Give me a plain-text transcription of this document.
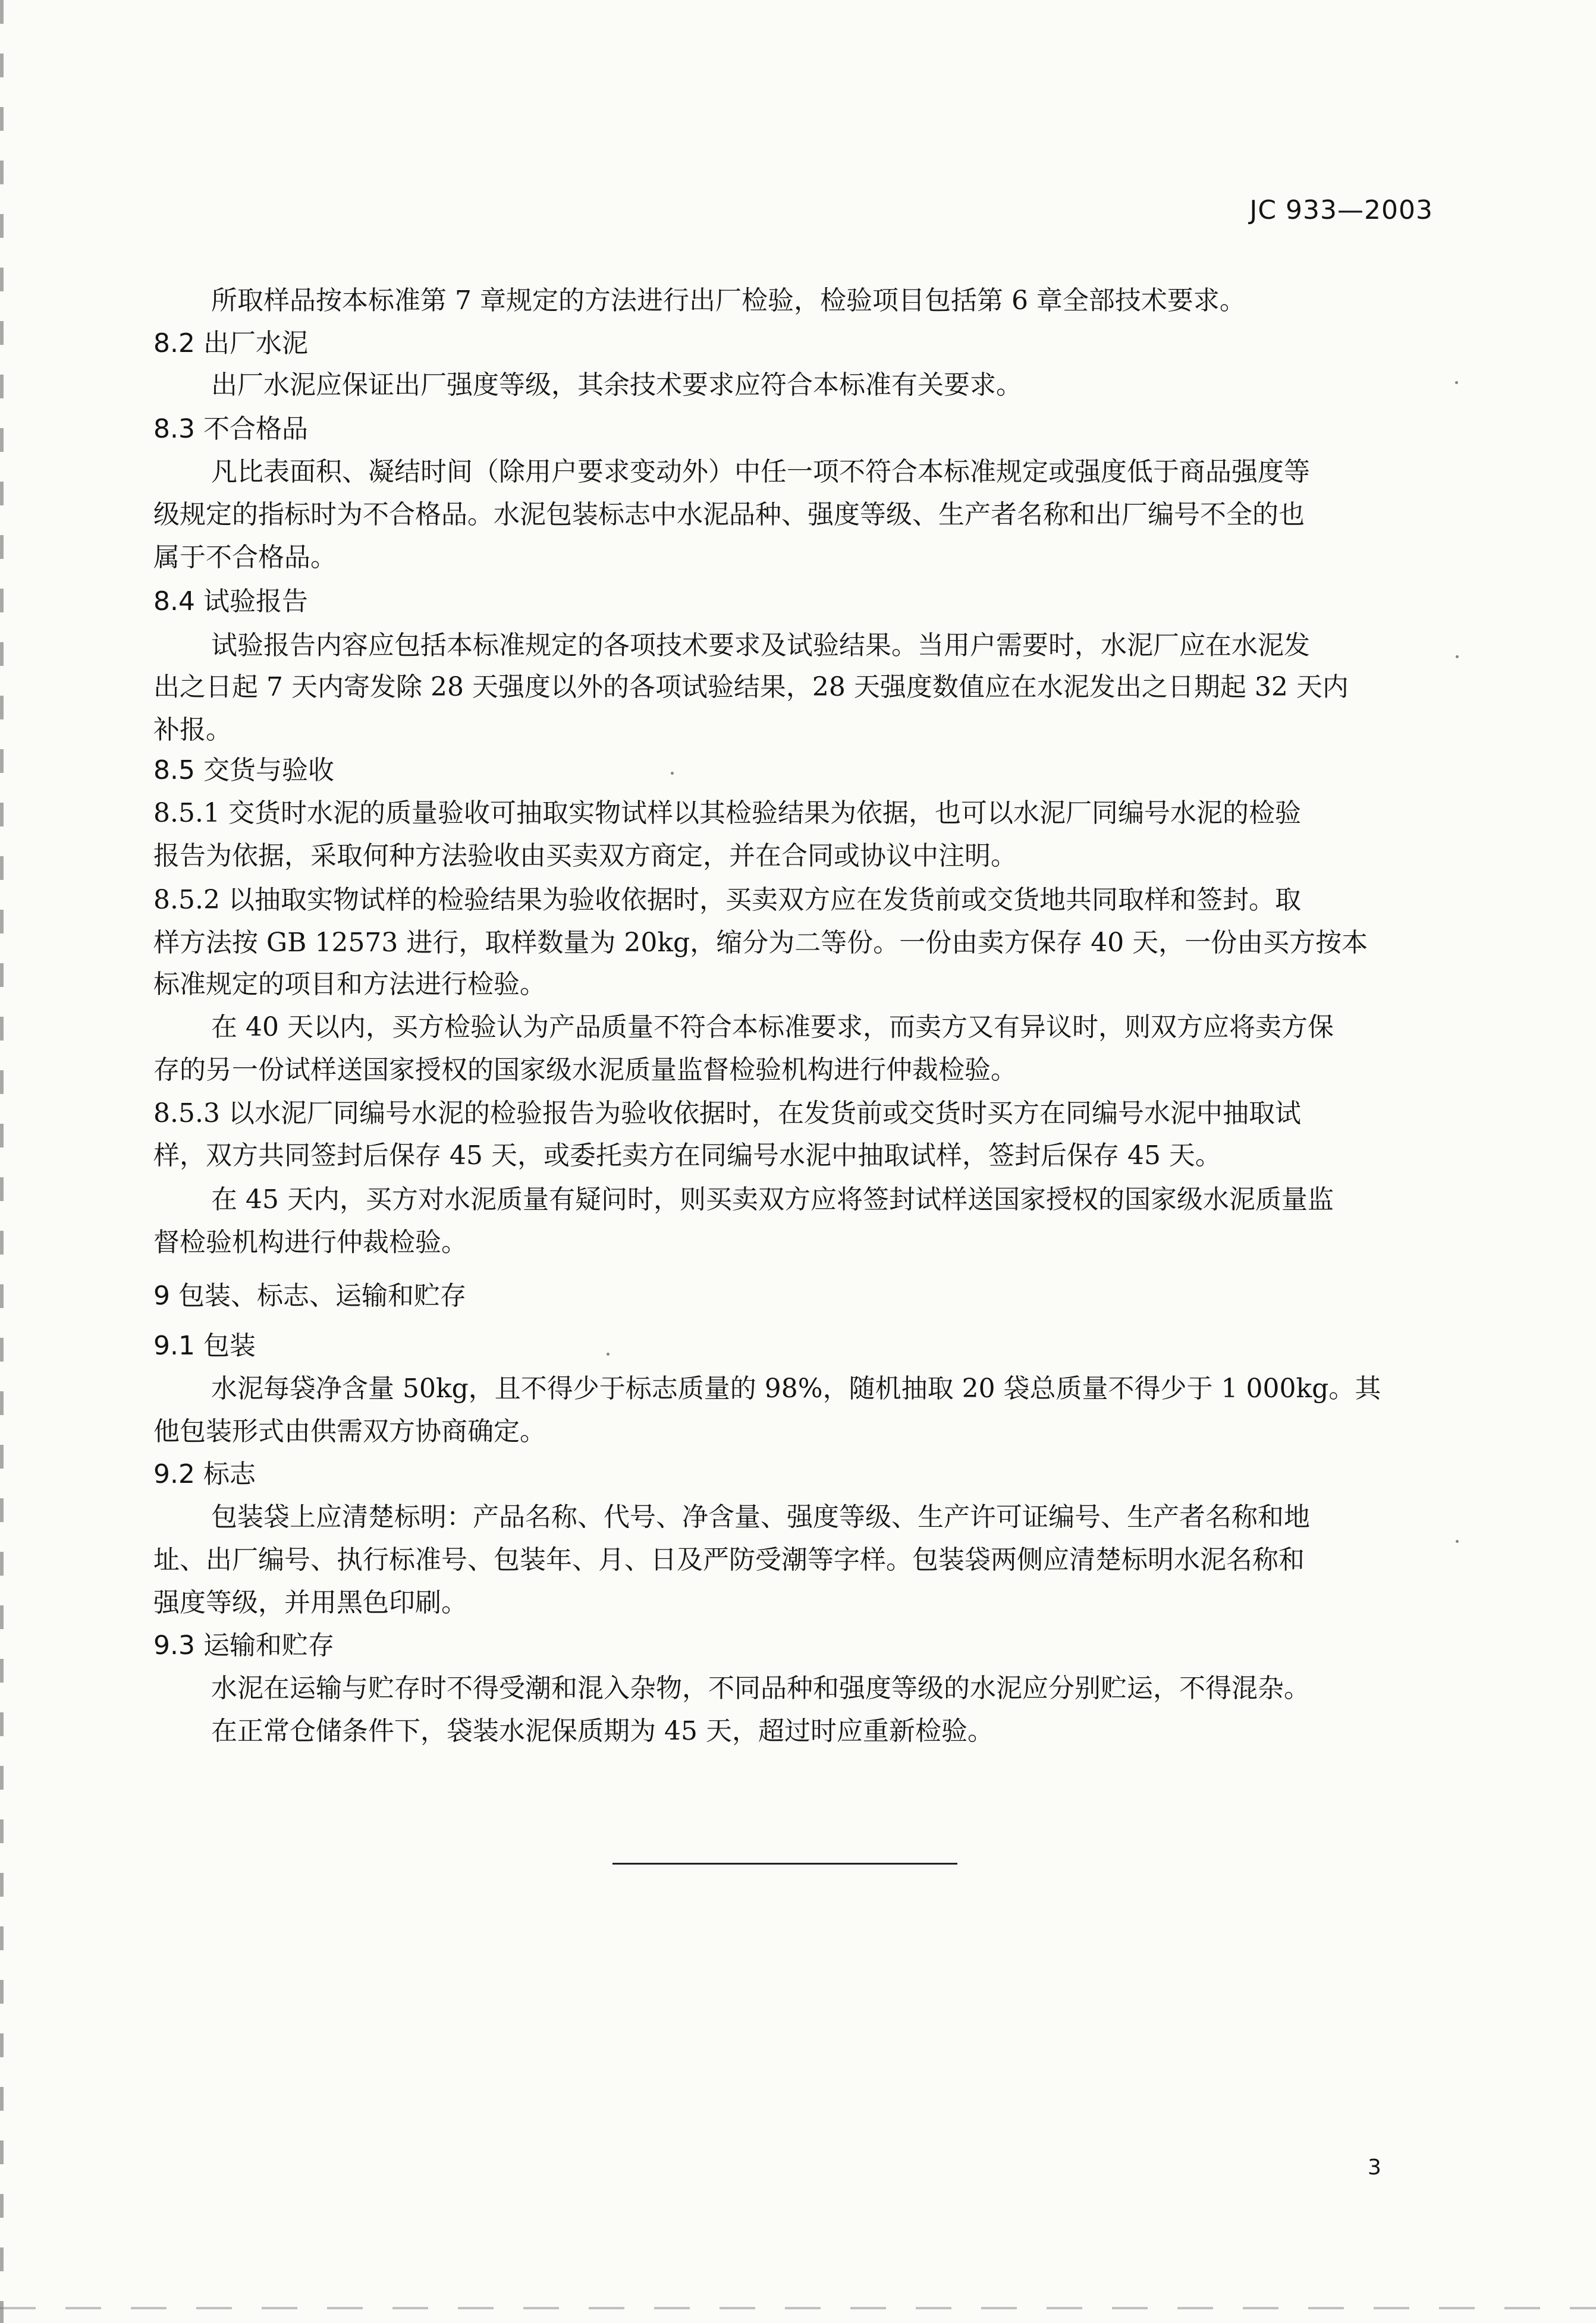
JC 933—2003
所取样品按本标准第 7 章规定的方法进行出厂检验，检验项目包括第 6 章全部技术要求。
8.2 出厂水泥
出厂水泥应保证出厂强度等级，其余技术要求应符合本标准有关要求。
8.3 不合格品
凡比表面积、凝结时间（除用户要求变动外）中任一项不符合本标准规定或强度低于商品强度等
级规定的指标时为不合格品。水泥包装标志中水泥品种、强度等级、生产者名称和出厂编号不全的也
属于不合格品。
8.4 试验报告
试验报告内容应包括本标准规定的各项技术要求及试验结果。当用户需要时，水泥厂应在水泥发
出之日起 7 天内寄发除 28 天强度以外的各项试验结果，28 天强度数值应在水泥发出之日期起 32 天内
补报。
8.5 交货与验收
8.5.1 交货时水泥的质量验收可抽取实物试样以其检验结果为依据，也可以水泥厂同编号水泥的检验
报告为依据，采取何种方法验收由买卖双方商定，并在合同或协议中注明。
8.5.2 以抽取实物试样的检验结果为验收依据时，买卖双方应在发货前或交货地共同取样和签封。取
样方法按 GB 12573 进行，取样数量为 20kg，缩分为二等份。一份由卖方保存 40 天，一份由买方按本
标准规定的项目和方法进行检验。
在 40 天以内，买方检验认为产品质量不符合本标准要求，而卖方又有异议时，则双方应将卖方保
存的另一份试样送国家授权的国家级水泥质量监督检验机构进行仲裁检验。
8.5.3 以水泥厂同编号水泥的检验报告为验收依据时，在发货前或交货时买方在同编号水泥中抽取试
样，双方共同签封后保存 45 天，或委托卖方在同编号水泥中抽取试样，签封后保存 45 天。
在 45 天内，买方对水泥质量有疑问时，则买卖双方应将签封试样送国家授权的国家级水泥质量监
督检验机构进行仲裁检验。
9 包装、标志、运输和贮存
9.1 包装
水泥每袋净含量 50kg，且不得少于标志质量的 98%，随机抽取 20 袋总质量不得少于 1 000kg。其
他包装形式由供需双方协商确定。
9.2 标志
包装袋上应清楚标明：产品名称、代号、净含量、强度等级、生产许可证编号、生产者名称和地
址、出厂编号、执行标准号、包装年、月、日及严防受潮等字样。包装袋两侧应清楚标明水泥名称和
强度等级，并用黑色印刷。
9.3 运输和贮存
水泥在运输与贮存时不得受潮和混入杂物，不同品种和强度等级的水泥应分别贮运，不得混杂。
在正常仓储条件下，袋装水泥保质期为 45 天，超过时应重新检验。
3
